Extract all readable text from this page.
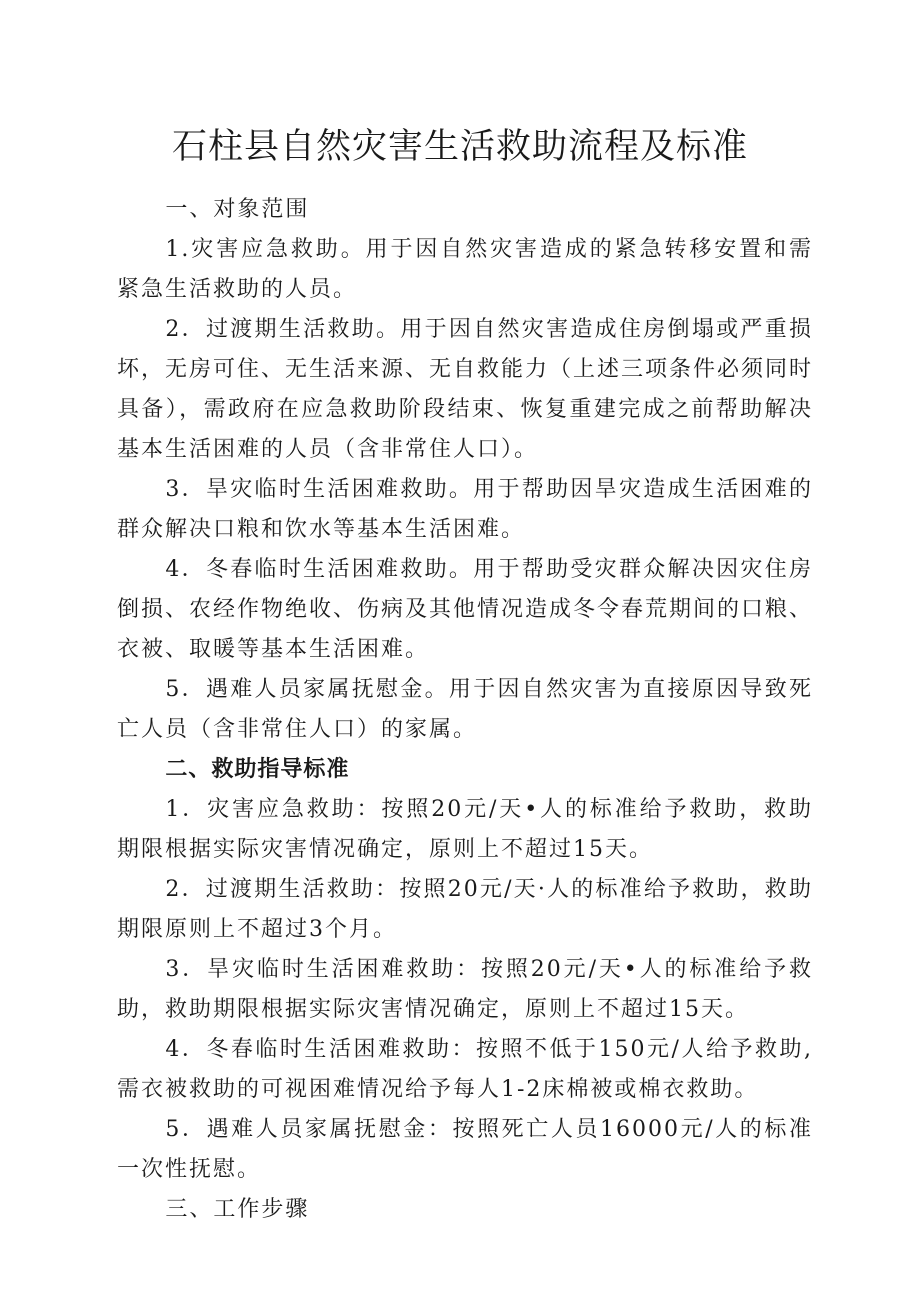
石柱县自然灾害生活救助流程及标准

一、对象范围

1.灾害应急救助。用于因自然灾害造成的紧急转移安置和需紧急生活救助的人员。

2．过渡期生活救助。用于因自然灾害造成住房倒塌或严重损坏，无房可住、无生活来源、无自救能力（上述三项条件必须同时具备），需政府在应急救助阶段结束、恢复重建完成之前帮助解决基本生活困难的人员（含非常住人口）。

3．旱灾临时生活困难救助。用于帮助因旱灾造成生活困难的群众解决口粮和饮水等基本生活困难。

4．冬春临时生活困难救助。用于帮助受灾群众解决因灾住房倒损、农经作物绝收、伤病及其他情况造成冬令春荒期间的口粮、衣被、取暖等基本生活困难。

5．遇难人员家属抚慰金。用于因自然灾害为直接原因导致死亡人员（含非常住人口）的家属。

二、救助指导标准

1．灾害应急救助：按照20元/天•人的标准给予救助，救助期限根据实际灾害情况确定，原则上不超过15天。

2．过渡期生活救助：按照20元/天·人的标准给予救助，救助期限原则上不超过3个月。

3．旱灾临时生活困难救助：按照20元/天•人的标准给予救助，救助期限根据实际灾害情况确定，原则上不超过15天。

4．冬春临时生活困难救助：按照不低于150元/人给予救助,需衣被救助的可视困难情况给予每人1-2床棉被或棉衣救助。

5．遇难人员家属抚慰金：按照死亡人员16000元/人的标准一次性抚慰。

三、工作步骤
